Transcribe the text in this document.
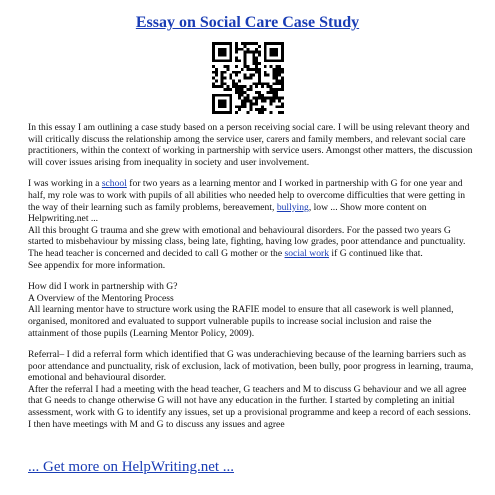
Essay on Social Care Case Study

In this essay I am outlining a case study based on a person receiving social care. I will be using relevant theory and will critically discuss the relationship among the service user, carers and family members, and relevant social care practitioners, within the context of working in partnership with service users. Amongst other matters, the discussion will cover issues arising from inequality in society and user involvement.

I was working in a school for two years as a learning mentor and I worked in partnership with G for one year and half, my role was to work with pupils of all abilities who needed help to overcome difficulties that were getting in the way of their learning such as family problems, bereavement, bullying, low ... Show more content on Helpwriting.net ...

All this brought G trauma and she grew with emotional and behavioural disorders. For the passed two years G started to misbehaviour by missing class, being late, fighting, having low grades, poor attendance and punctuality. The head teacher is concerned and decided to call G mother or the social work if G continued like that.

See appendix for more information.

How did I work in partnership with G?

A Overview of the Mentoring Process

All learning mentor have to structure work using the RAFIE model to ensure that all casework is well planned, organised, monitored and evaluated to support vulnerable pupils to increase social inclusion and raise the attainment of those pupils (Learning Mentor Policy, 2009).

Referral– I did a referral form which identified that G was underachieving because of the learning barriers such as poor attendance and punctuality, risk of exclusion, lack of motivation, been bully, poor progress in learning, trauma, emotional and behavioural disorder.

After the referral I had a meeting with the head teacher, G teachers and M to discuss G behaviour and we all agree that G needs to change otherwise G will not have any education in the further. I started by completing an initial assessment, work with G to identify any issues, set up a provisional programme and keep a record of each sessions. I then have meetings with M and G to discuss any issues and agree

... Get more on HelpWriting.net ...
